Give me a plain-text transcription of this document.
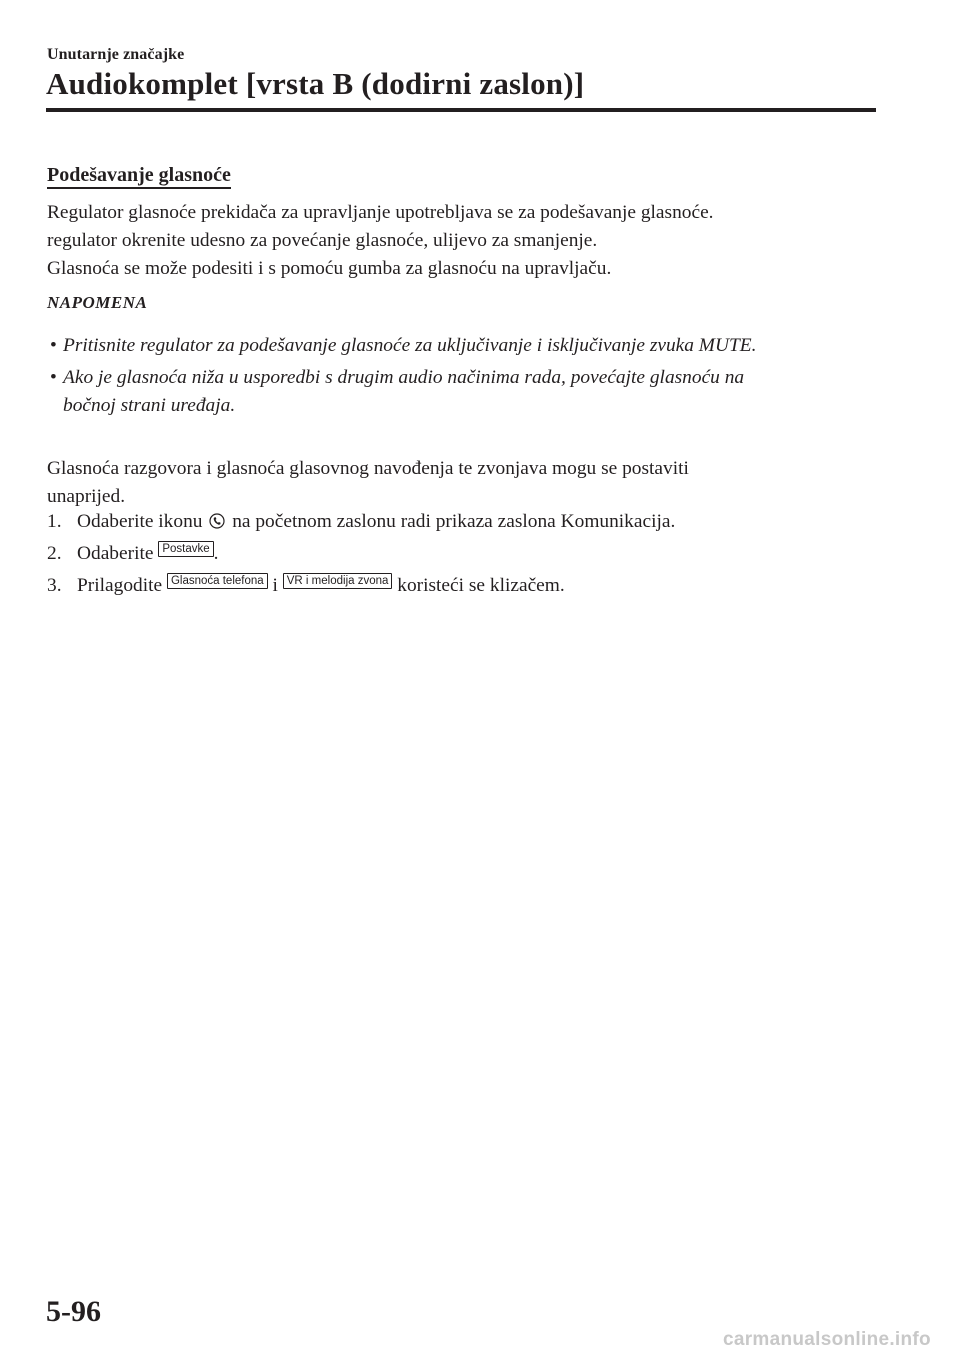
Unutarnje značajke
Audiokomplet [vrsta B (dodirni zaslon)]
Podešavanje glasnoće
Regulator glasnoće prekidača za upravljanje upotrebljava se za podešavanje glasnoće.
regulator okrenite udesno za povećanje glasnoće, ulijevo za smanjenje.
Glasnoća se može podesiti i s pomoću gumba za glasnoću na upravljaču.
NAPOMENA
• Pritisnite regulator za podešavanje glasnoće za uključivanje i isključivanje zvuka MUTE.
• Ako je glasnoća niža u usporedbi s drugim audio načinima rada, povećajte glasnoću na
bočnoj strani uređaja.
Glasnoća razgovora i glasnoća glasovnog navođenja te zvonjava mogu se postaviti
unaprijed.
1. Odaberite ikonu na početnom zaslonu radi prikaza zaslona Komunikacija.
2. Odaberite Postavke .
3. Prilagodite Glasnoća telefona i VR i melodija zvona koristeći se klizačem.
5-96
carmanualsonline.info
